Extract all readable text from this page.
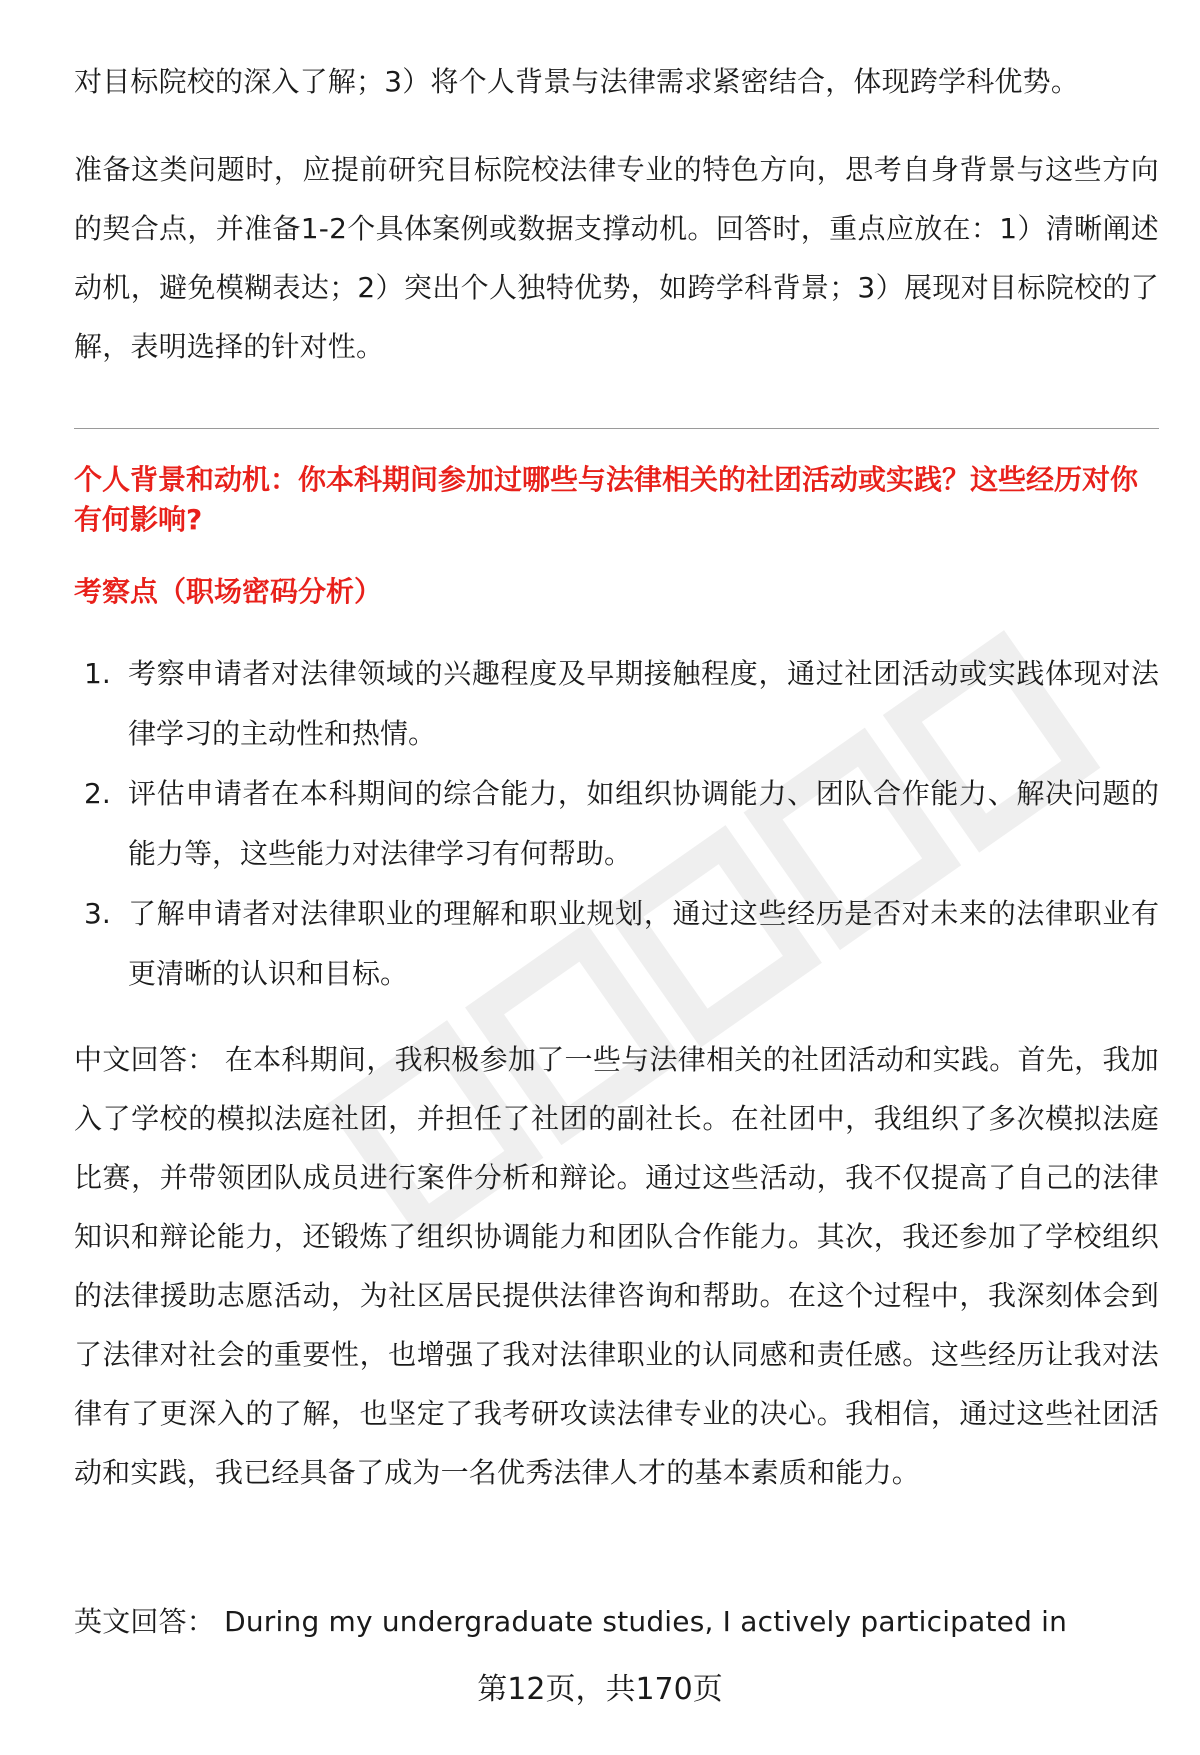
对目标院校的深入了解；3）将个人背景与法律需求紧密结合，体现跨学科优势。

准备这类问题时，应提前研究目标院校法律专业的特色方向，思考自身背景与这些方向的契合点，并准备1-2个具体案例或数据支撑动机。回答时，重点应放在：1）清晰阐述动机，避免模糊表达；2）突出个人独特优势，如跨学科背景；3）展现对目标院校的了解，表明选择的针对性。

个人背景和动机：你本科期间参加过哪些与法律相关的社团活动或实践？这些经历对你有何影响?
考察点（职场密码分析）
1. 考察申请者对法律领域的兴趣程度及早期接触程度，通过社团活动或实践体现对法律学习的主动性和热情。
2. 评估申请者在本科期间的综合能力，如组织协调能力、团队合作能力、解决问题的能力等，这些能力对法律学习有何帮助。
3. 了解申请者对法律职业的理解和职业规划，通过这些经历是否对未来的法律职业有更清晰的认识和目标。

中文回答： 在本科期间，我积极参加了一些与法律相关的社团活动和实践。首先，我加入了学校的模拟法庭社团，并担任了社团的副社长。在社团中，我组织了多次模拟法庭比赛，并带领团队成员进行案件分析和辩论。通过这些活动，我不仅提高了自己的法律知识和辩论能力，还锻炼了组织协调能力和团队合作能力。其次，我还参加了学校组织的法律援助志愿活动，为社区居民提供法律咨询和帮助。在这个过程中，我深刻体会到了法律对社会的重要性，也增强了我对法律职业的认同感和责任感。这些经历让我对法律有了更深入的了解，也坚定了我考研攻读法律专业的决心。我相信，通过这些社团活动和实践，我已经具备了成为一名优秀法律人才的基本素质和能力。

英文回答： During my undergraduate studies, I actively participated in

第12页，共170页
